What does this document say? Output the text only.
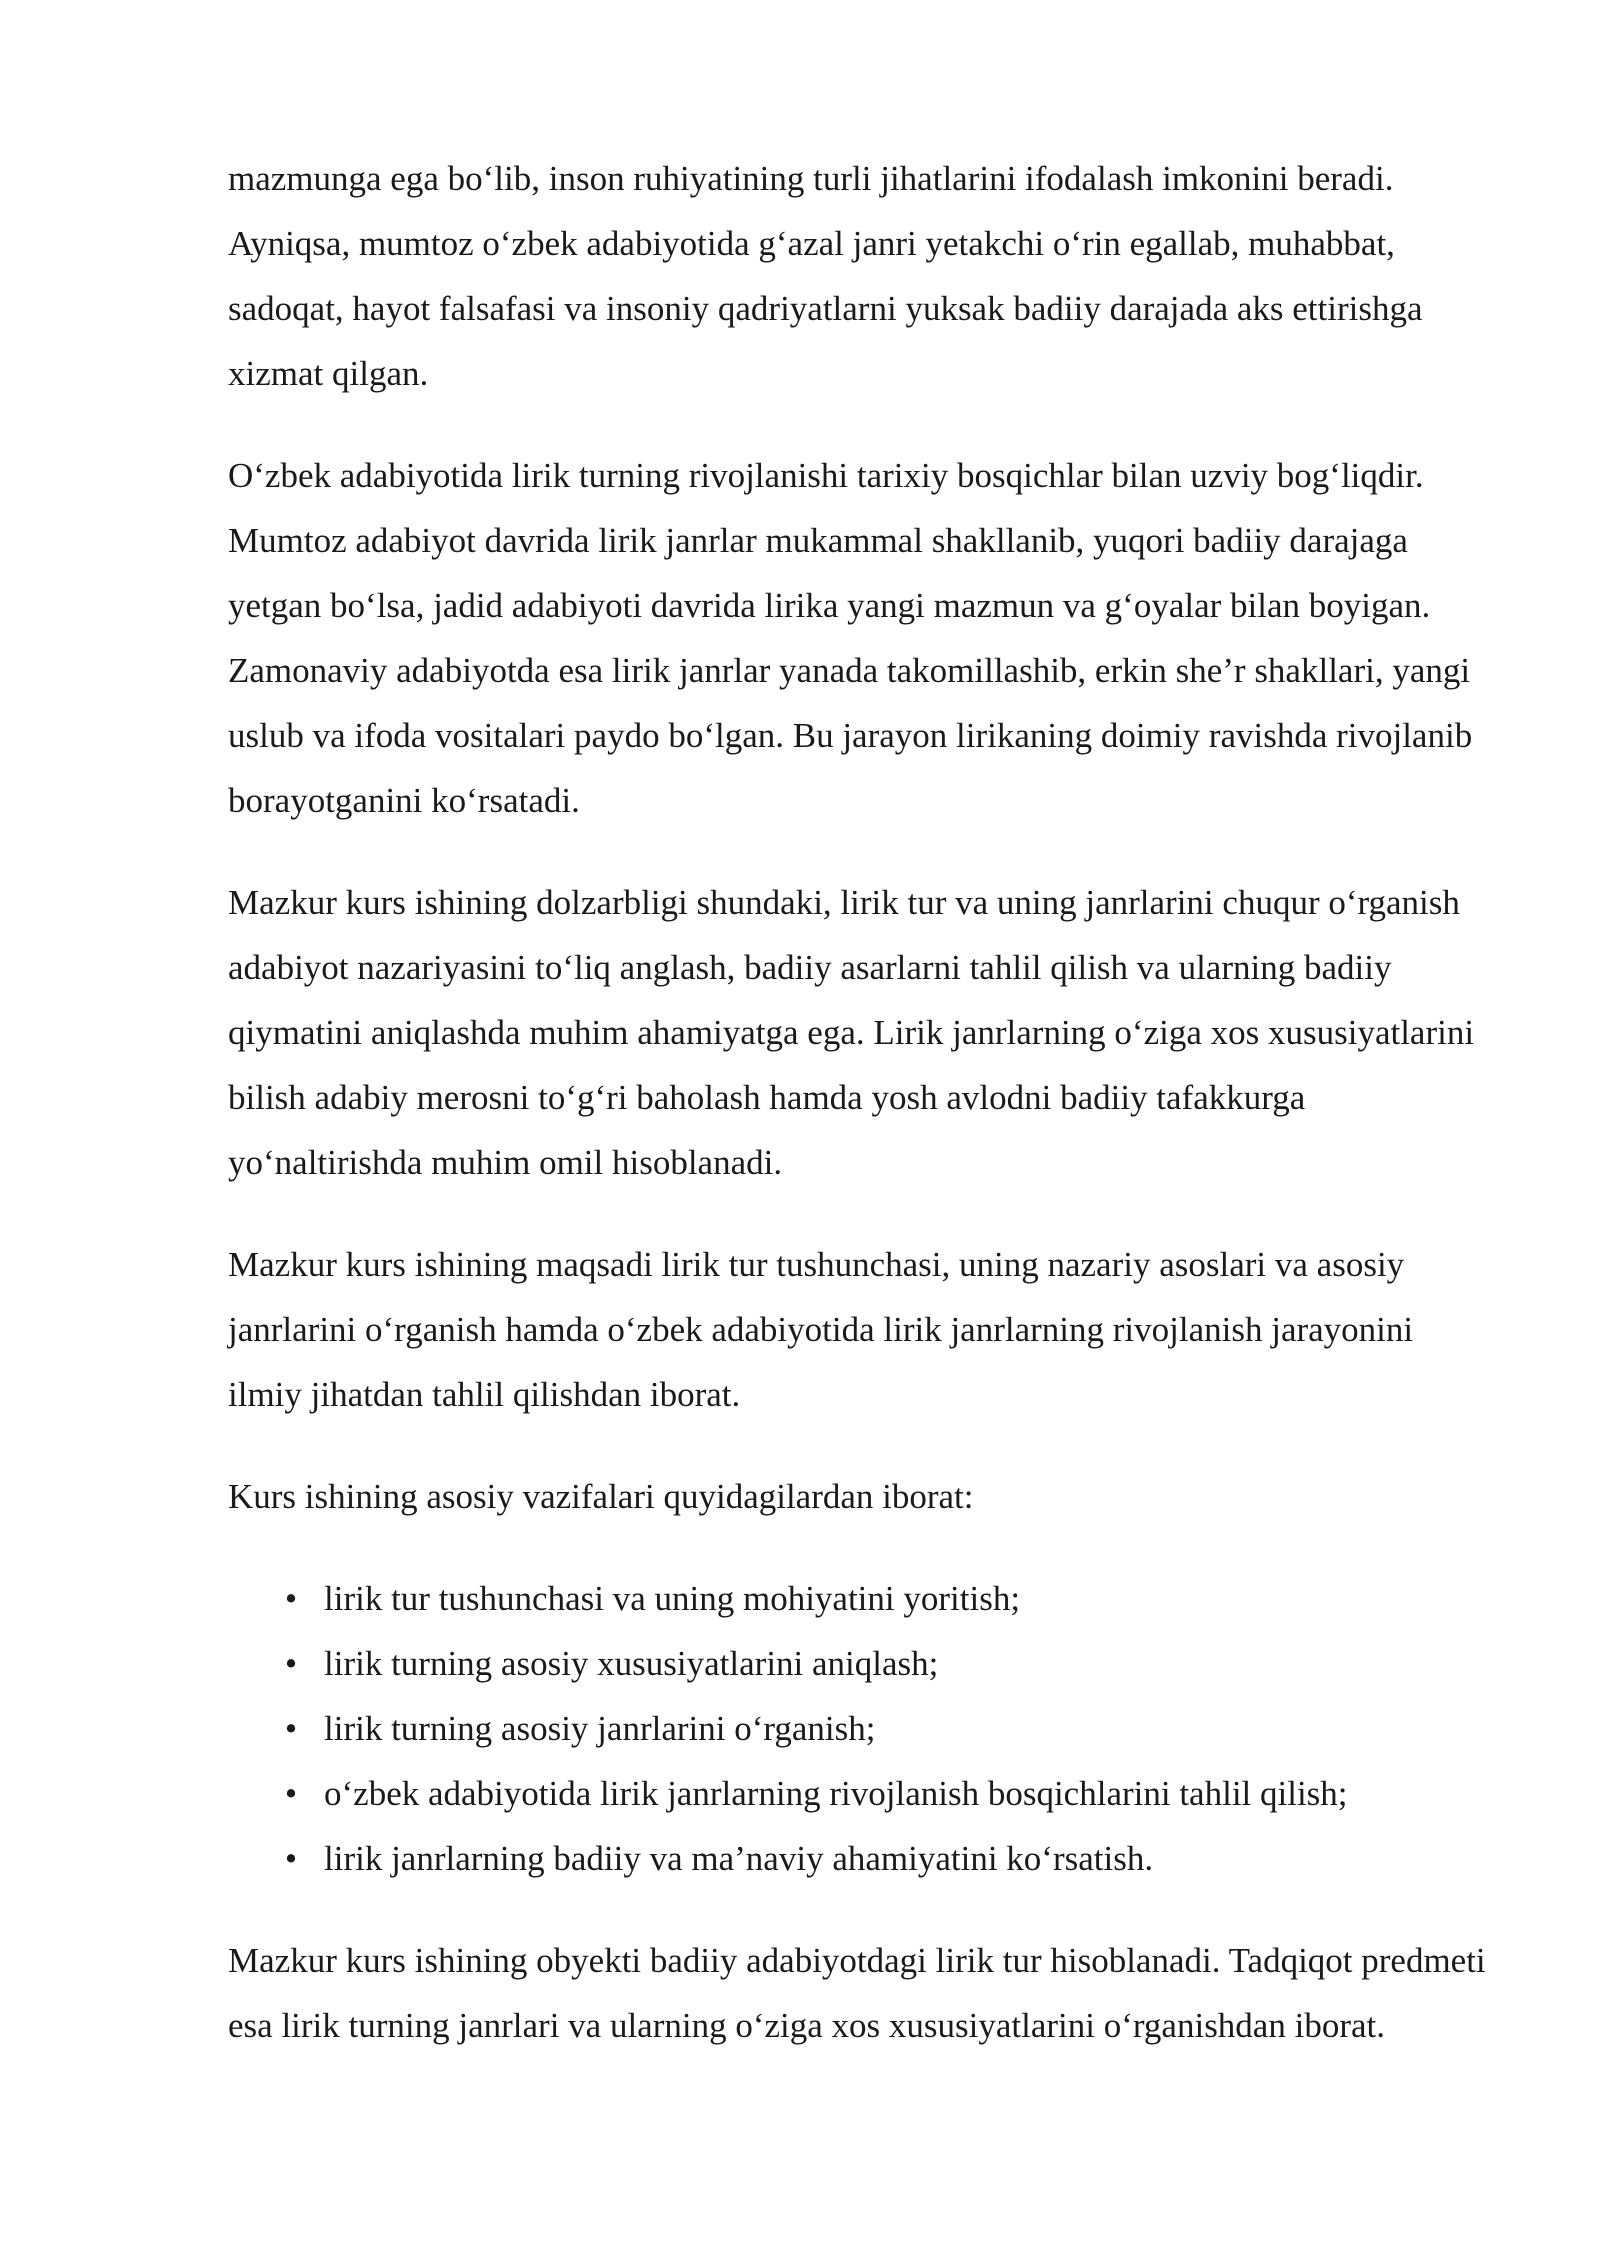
mazmunga ega bo‘lib, inson ruhiyatining turli jihatlarini ifodalash imkonini beradi. Ayniqsa, mumtoz o‘zbek adabiyotida g‘azal janri yetakchi o‘rin egallab, muhabbat, sadoqat, hayot falsafasi va insoniy qadriyatlarni yuksak badiiy darajada aks ettirishga xizmat qilgan.

O‘zbek adabiyotida lirik turning rivojlanishi tarixiy bosqichlar bilan uzviy bog‘liqdir. Mumtoz adabiyot davrida lirik janrlar mukammal shakllanib, yuqori badiiy darajaga yetgan bo‘lsa, jadid adabiyoti davrida lirika yangi mazmun va g‘oyalar bilan boyigan. Zamonaviy adabiyotda esa lirik janrlar yanada takomillashib, erkin she’r shakllari, yangi uslub va ifoda vositalari paydo bo‘lgan. Bu jarayon lirikaning doimiy ravishda rivojlanib borayotganini ko‘rsatadi.

Mazkur kurs ishining dolzarbligi shundaki, lirik tur va uning janrlarini chuqur o‘rganish adabiyot nazariyasini to‘liq anglash, badiiy asarlarni tahlil qilish va ularning badiiy qiymatini aniqlashda muhim ahamiyatga ega. Lirik janrlarning o‘ziga xos xususiyatlarini bilish adabiy merosni to‘g‘ri baholash hamda yosh avlodni badiiy tafakkurga yo‘naltirishda muhim omil hisoblanadi.

Mazkur kurs ishining maqsadi lirik tur tushunchasi, uning nazariy asoslari va asosiy janrlarini o‘rganish hamda o‘zbek adabiyotida lirik janrlarning rivojlanish jarayonini ilmiy jihatdan tahlil qilishdan iborat.

Kurs ishining asosiy vazifalari quyidagilardan iborat:

• lirik tur tushunchasi va uning mohiyatini yoritish;
• lirik turning asosiy xususiyatlarini aniqlash;
• lirik turning asosiy janrlarini o‘rganish;
• o‘zbek adabiyotida lirik janrlarning rivojlanish bosqichlarini tahlil qilish;
• lirik janrlarning badiiy va ma’naviy ahamiyatini ko‘rsatish.

Mazkur kurs ishining obyekti badiiy adabiyotdagi lirik tur hisoblanadi. Tadqiqot predmeti esa lirik turning janrlari va ularning o‘ziga xos xususiyatlarini o‘rganishdan iborat.
